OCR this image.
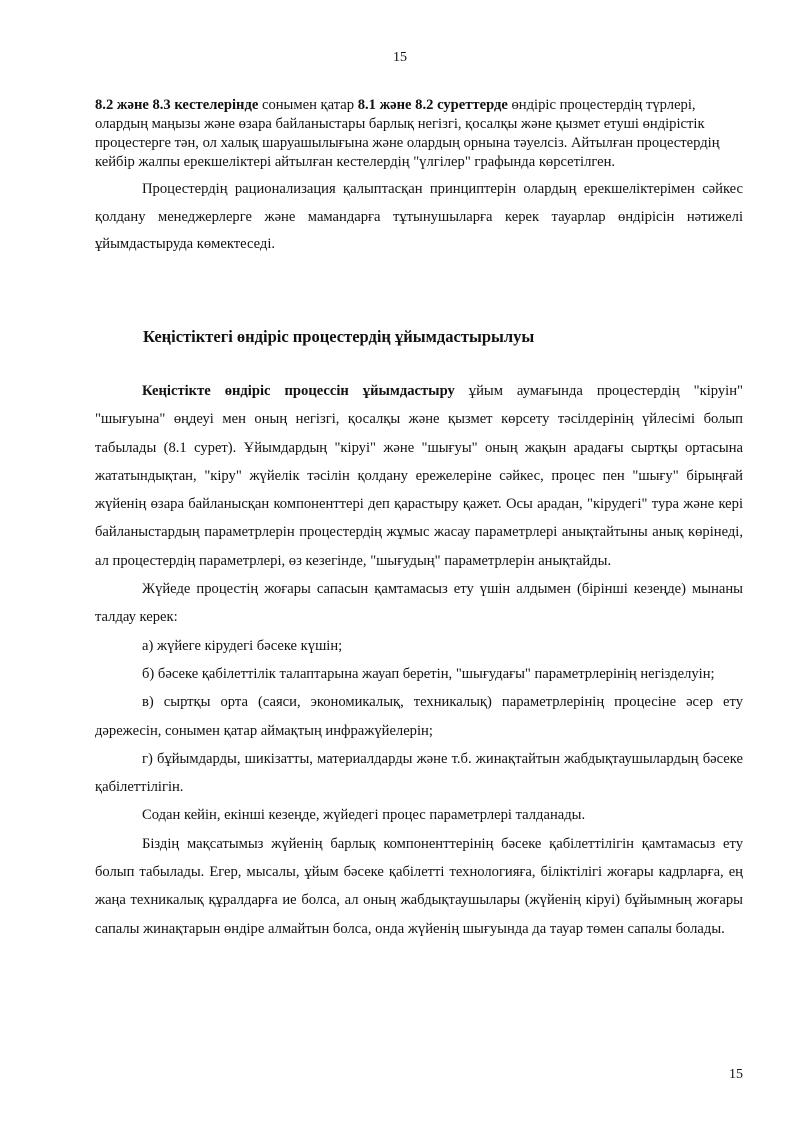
15

8.2 және 8.3 кестелерінде сонымен қатар 8.1 және 8.2 суреттерде өндіріс процестердің түрлері, олардың маңызы және өзара байланыстары барлық негізгі, қосалқы және қызмет етуші өндірістік процестерге тән, ол халық шаруашылығына және олардың орнына тәуелсіз. Айтылған процестердің кейбір жалпы ерекшеліктері айтылған кестелердің "үлгілер" графында көрсетілген.

Процестердің рационализация қалыптасқан принциптерін олардың ерекшеліктерімен сәйкес қолдану менеджерлерге және мамандарға тұтынушыларға керек тауарлар өндірісін нәтижелі ұйымдастыруда көмектеседі.

Кеңістіктегі өндіріс процестердің ұйымдастырылуы

Кеңістікте өндіріс процессін ұйымдастыру ұйым аумағында процестердің "кіруін" "шығуына" өңдеуі мен оның негізгі, қосалқы және қызмет көрсету тәсілдерінің үйлесімі болып табылады (8.1 сурет). Ұйымдардың "кіруі" және "шығуы" оның жақын арадағы сыртқы ортасына жататындықтан, "кіру" жүйелік тәсілін қолдану ережелеріне сәйкес, процес пен "шығу" бірыңғай жүйенің өзара байланысқан компоненттері деп қарастыру қажет. Осы арадан, "кірудегі" тура және кері байланыстардың параметрлерін процестердің жұмыс жасау параметрлері анықтайтыны анық көрінеді, ал процестердің параметрлері, өз кезегінде, "шығудың" параметрлерін анықтайды.

Жүйеде процестің жоғары сапасын қамтамасыз ету үшін алдымен (бірінші кезеңде) мынаны талдау керек:

а) жүйеге кірудегі бәсеке күшін;

б) бәсеке қабілеттілік талаптарына жауап беретін, "шығудағы" параметрлерінің негізделуін;

в) сыртқы орта (саяси, экономикалық, техникалық) параметрлерінің процесіне әсер ету дәрежесін, сонымен қатар аймақтың инфражүйелерін;

г) бұйымдарды, шикізатты, материалдарды және т.б. жинақтайтын жабдықтаушылардың бәсеке қабілеттілігін.

Содан кейін, екінші кезеңде, жүйедегі процес параметрлері талданады.

Біздің мақсатымыз жүйенің барлық компоненттерінің бәсеке қабілеттілігін қамтамасыз ету болып табылады. Егер, мысалы, ұйым бәсеке қабілетті технологияға, біліктілігі жоғары кадрларға, ең жаңа техникалық құралдарға ие болса, ал оның жабдықтаушылары (жүйенің кіруі) бұйымның жоғары сапалы жинақтарын өндіре алмайтын болса, онда жүйенің шығуында да тауар төмен сапалы болады.

15
